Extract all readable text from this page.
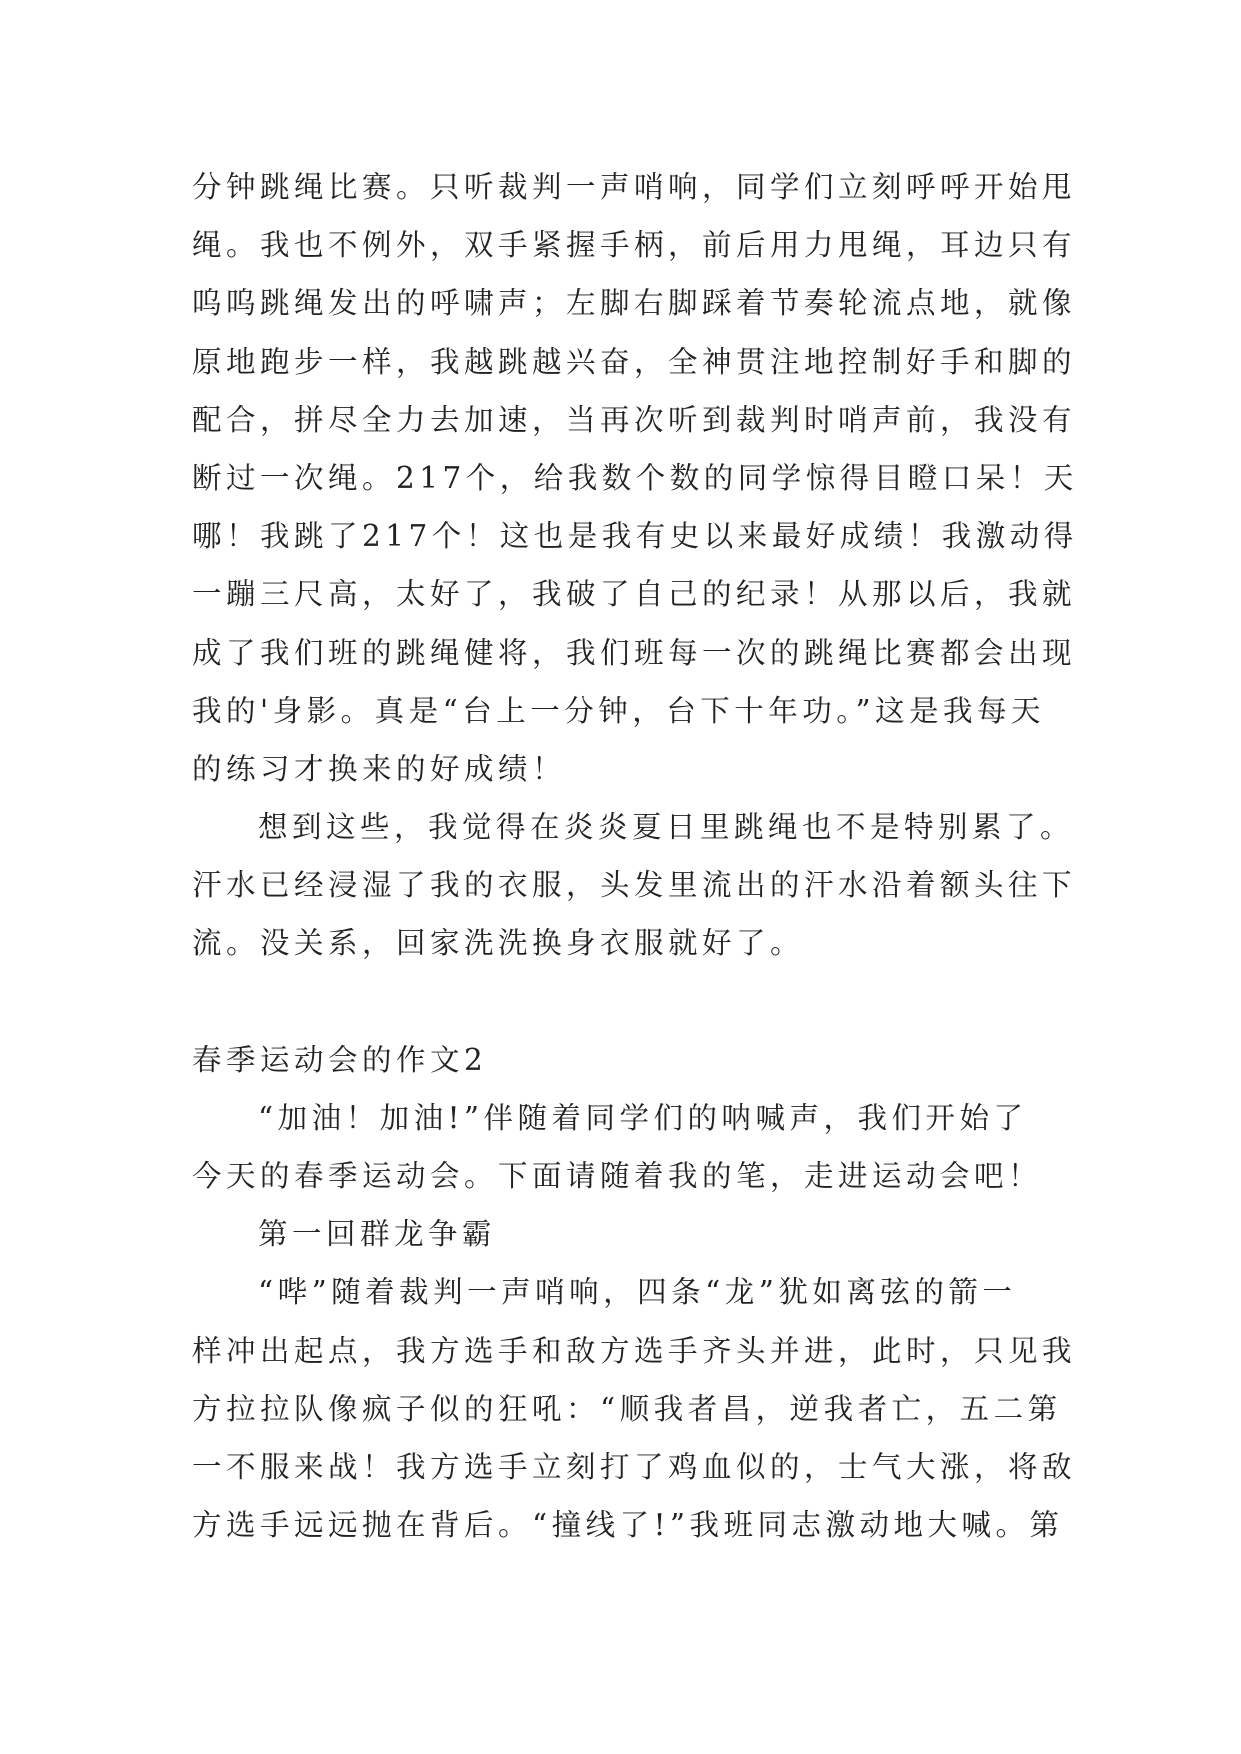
分钟跳绳比赛。只听裁判一声哨响，同学们立刻呼呼开始甩
绳。我也不例外，双手紧握手柄，前后用力甩绳，耳边只有
呜呜跳绳发出的呼啸声；左脚右脚踩着节奏轮流点地，就像
原地跑步一样，我越跳越兴奋，全神贯注地控制好手和脚的
配合，拼尽全力去加速，当再次听到裁判时哨声前，我没有
断过一次绳。217个，给我数个数的同学惊得目瞪口呆！天
哪！我跳了217个！这也是我有史以来最好成绩！我激动得
一蹦三尺高，太好了，我破了自己的纪录！从那以后，我就
成了我们班的跳绳健将，我们班每一次的跳绳比赛都会出现
我的'身影。真是“台上一分钟，台下十年功。”这是我每天
的练习才换来的好成绩！
想到这些，我觉得在炎炎夏日里跳绳也不是特别累了。
汗水已经浸湿了我的衣服，头发里流出的汗水沿着额头往下
流。没关系，回家洗洗换身衣服就好了。
春季运动会的作文2
“加油！加油!”伴随着同学们的呐喊声，我们开始了
今天的春季运动会。下面请随着我的笔，走进运动会吧！
第一回群龙争霸
“哔”随着裁判一声哨响，四条“龙”犹如离弦的箭一
样冲出起点，我方选手和敌方选手齐头并进，此时，只见我
方拉拉队像疯子似的狂吼：“顺我者昌，逆我者亡，五二第
一不服来战！我方选手立刻打了鸡血似的，士气大涨，将敌
方选手远远抛在背后。“撞线了!”我班同志激动地大喊。第
